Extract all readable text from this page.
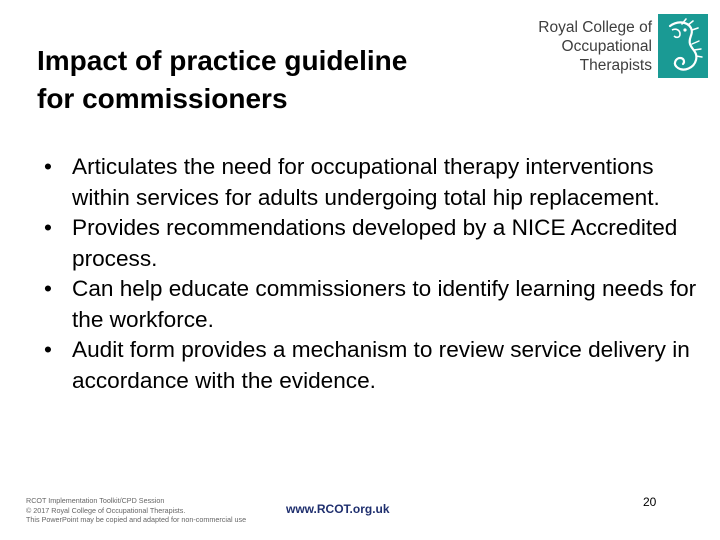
Impact of practice guideline
for commissioners
Royal College of
Occupational
Therapists
• Articulates the need for occupational therapy interventions within services for adults undergoing total hip replacement.
• Provides recommendations developed by a NICE Accredited process.
• Can help educate commissioners to identify learning needs for the workforce.
• Audit form provides a mechanism to review service delivery in accordance with the evidence.
RCOT Implementation Toolkit/CPD Session
© 2017 Royal College of Occupational Therapists.
This PowerPoint may be copied and adapted for non-commercial use
www.RCOT.org.uk	20
